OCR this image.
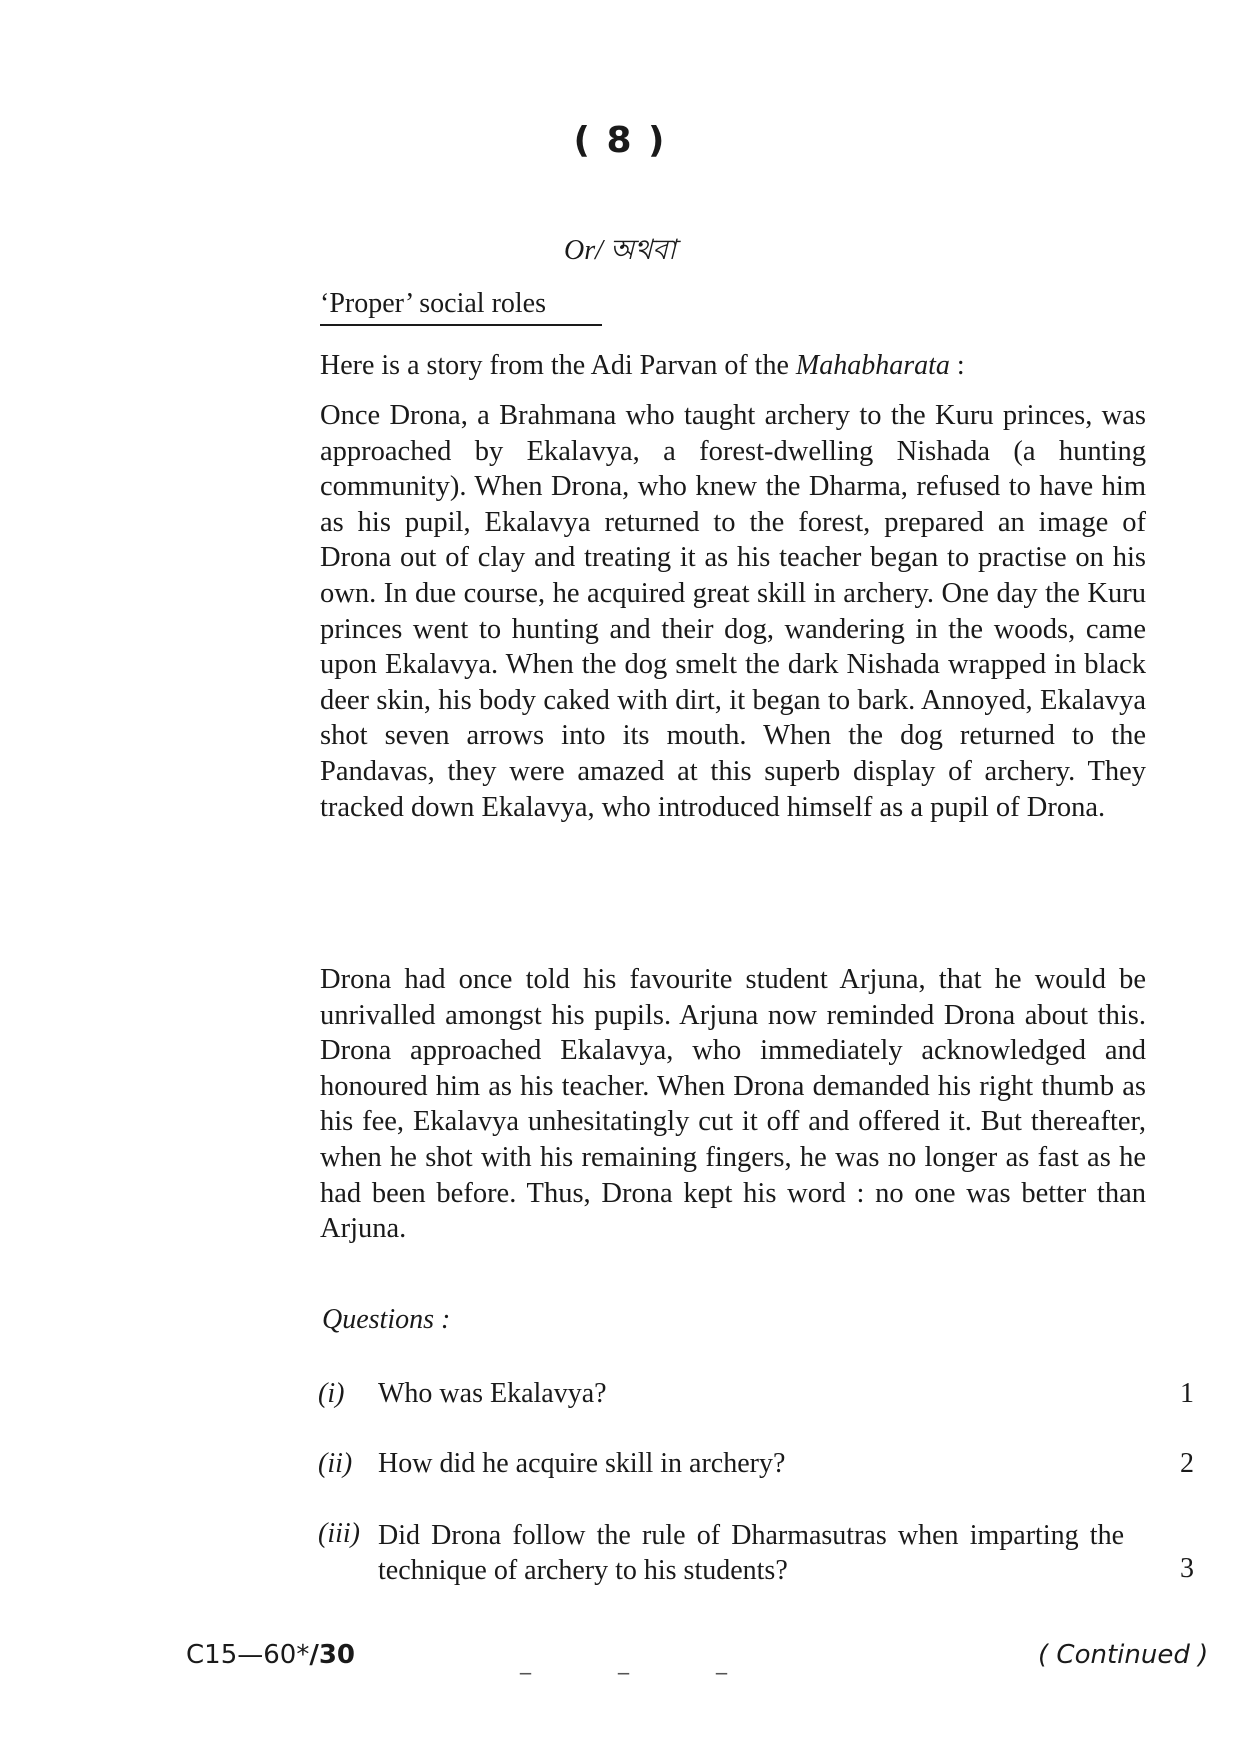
( 8 )
Or/ অথবা
‘Proper’ social roles
Here is a story from the Adi Parvan of the Mahabharata :

Once Drona, a Brahmana who taught archery to the Kuru princes, was approached by Ekalavya, a forest-dwelling Nishada (a hunting community). When Drona, who knew the Dharma, refused to have him as his pupil, Ekalavya returned to the forest, prepared an image of Drona out of clay and treating it as his teacher began to practise on his own. In due course, he acquired great skill in archery. One day the Kuru princes went to hunting and their dog, wandering in the woods, came upon Ekalavya. When the dog smelt the dark Nishada wrapped in black deer skin, his body caked with dirt, it began to bark. Annoyed, Ekalavya shot seven arrows into its mouth. When the dog returned to the Pandavas, they were amazed at this superb display of archery. They tracked down Ekalavya, who introduced himself as a pupil of Drona.

Drona had once told his favourite student Arjuna, that he would be unrivalled amongst his pupils. Arjuna now reminded Drona about this. Drona approached Ekalavya, who immediately acknowledged and honoured him as his teacher. When Drona demanded his right thumb as his fee, Ekalavya unhesitatingly cut it off and offered it. But thereafter, when he shot with his remaining fingers, he was no longer as fast as he had been before. Thus, Drona kept his word : no one was better than Arjuna.

Questions :
(i) Who was Ekalavya?	1
(ii) How did he acquire skill in archery?	2
(iii) Did Drona follow the rule of Dharmasutras when imparting the technique of archery to his students?	3
C15—60*/30	_ _ _	( Continued )
